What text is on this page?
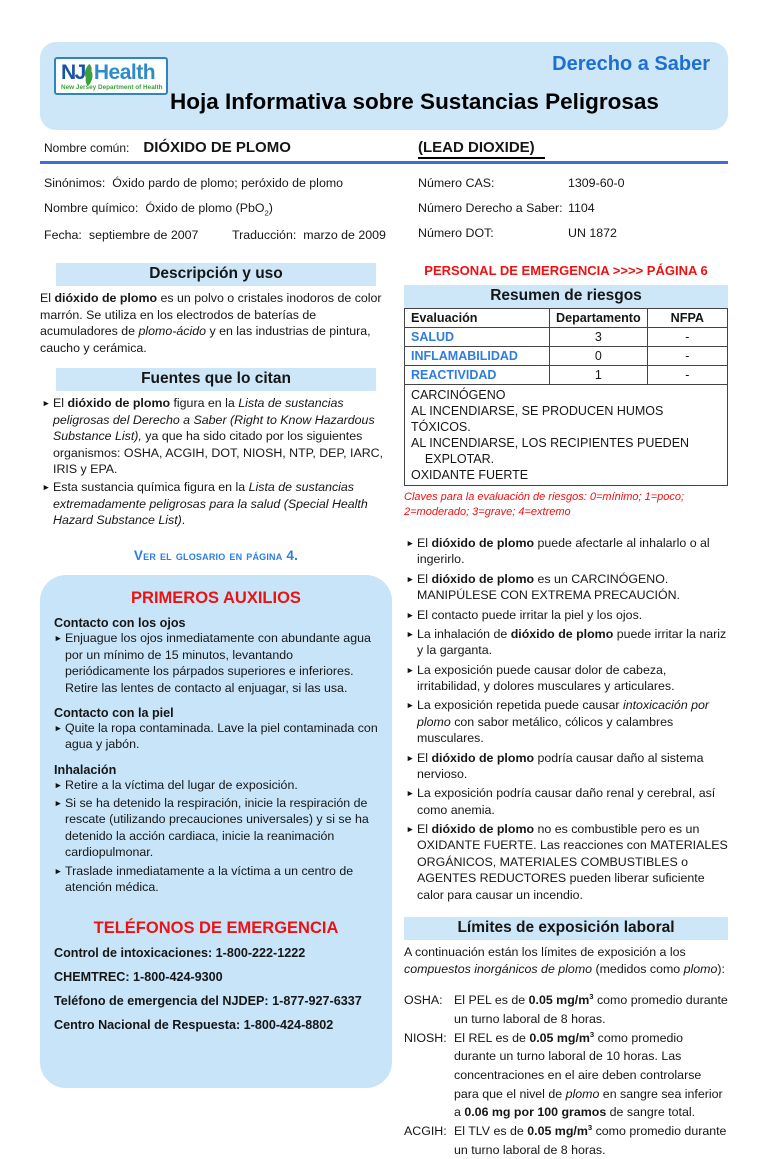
NJ Health
New Jersey Department of Health
Derecho a Saber
Hoja Informativa sobre Sustancias Peligrosas
Nombre común: DIÓXIDO DE PLOMO	(LEAD DIOXIDE)
Sinónimos: Óxido pardo de plomo; peróxido de plomo
Nombre químico: Óxido de plomo (PbO$_2$)
Fecha: septiembre de 2007	Traducción: marzo de 2009
Número CAS:	1309-60-0
Número Derecho a Saber: 1104
Número DOT:	UN 1872
Descripción y uso

El dióxido de plomo es un polvo o cristales inodoros de color marrón. Se utiliza en los electrodos de baterías de acumuladores de plomo-ácido y en las industrias de pintura, caucho y cerámica.

Fuentes que lo citan
► El dióxido de plomo figura en la Lista de sustancias peligrosas del Derecho a Saber (Right to Know Hazardous Substance List), ya que ha sido citado por los siguientes organismos: OSHA, ACGIH, DOT, NIOSH, NTP, DEP, IARC, IRIS y EPA.
► Esta sustancia química figura en la Lista de sustancias extremadamente peligrosas para la salud (Special Health Hazard Substance List).
Ver el glosario en página 4.
PRIMEROS AUXILIOS
Contacto con los ojos
► Enjuague los ojos inmediatamente con abundante agua por un mínimo de 15 minutos, levantando periódicamente los párpados superiores e inferiores. Retire las lentes de contacto al enjuagar, si las usa.
Contacto con la piel
► Quite la ropa contaminada. Lave la piel contaminada con agua y jabón.
Inhalación
► Retire a la víctima del lugar de exposición.
► Si se ha detenido la respiración, inicie la respiración de rescate (utilizando precauciones universales) y si se ha detenido la acción cardiaca, inicie la reanimación cardiopulmonar.
► Traslade inmediatamente a la víctima a un centro de atención médica.
TELÉFONOS DE EMERGENCIA
Control de intoxicaciones: 1-800-222-1222
CHEMTREC: 1-800-424-9300
Teléfono de emergencia del NJDEP: 1-877-927-6337
Centro Nacional de Respuesta: 1-800-424-8802
PERSONAL DE EMERGENCIA >>>> PÁGINA 6
Resumen de riesgos
Evaluación	Departamento	NFPA
SALUD	3	-
INFLAMABILIDAD	0	-
REACTIVIDAD	1	-

CARCINÓGENO
AL INCENDIARSE, SE PRODUCEN HUMOS TÓXICOS.
AL INCENDIARSE, LOS RECIPIENTES PUEDEN
EXPLOTAR.
OXIDANTE FUERTE		
Claves para la evaluación de riesgos: 0=mínimo; 1=poco; 2=moderado; 3=grave; 4=extremo
► El dióxido de plomo puede afectarle al inhalarlo o al ingerirlo.
► El dióxido de plomo es un CARCINÓGENO. MANIPÚLESE CON EXTREMA PRECAUCIÓN.
► El contacto puede irritar la piel y los ojos.
► La inhalación de dióxido de plomo puede irritar la nariz y la garganta.
► La exposición puede causar dolor de cabeza, irritabilidad, y dolores musculares y articulares.
► La exposición repetida puede causar intoxicación por plomo con sabor metálico, cólicos y calambres musculares.
► El dióxido de plomo podría causar daño al sistema nervioso.
► La exposición podría causar daño renal y cerebral, así como anemia.
► El dióxido de plomo no es combustible pero es un OXIDANTE FUERTE. Las reacciones con MATERIALES ORGÁNICOS, MATERIALES COMBUSTIBLES o AGENTES REDUCTORES pueden liberar suficiente calor para causar un incendio.
Límites de exposición laboral

A continuación están los límites de exposición a los compuestos inorgánicos de plomo (medidos como plomo):

OSHA: El PEL es de 0.05 $mg/m^3$ como promedio durante un turno laboral de 8 horas.
NIOSH: El REL es de 0.05 $mg/m^3$ como promedio durante un turno laboral de 10 horas. Las concentraciones en el aire deben controlarse para que el nivel de plomo en sangre sea inferior a 0.06 mg por 100 gramos de sangre total.
ACGIH: El TLV es de 0.05 $mg/m^3$ como promedio durante un turno laboral de 8 horas.
